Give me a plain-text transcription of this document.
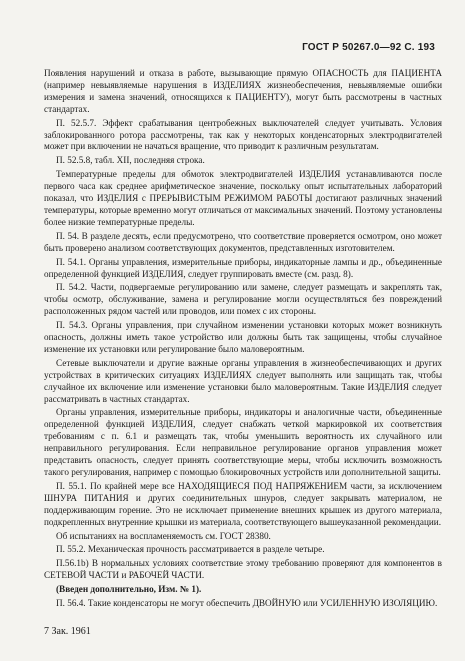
ГОСТ Р 50267.0—92 С. 193

Появления нарушений и отказа в работе, вызывающие прямую ОПАСНОСТЬ для ПАЦИЕНТА (например невыявляемые нарушения в ИЗДЕЛИЯХ жизнеобеспечения, невыявляемые ошибки измерения и замена значений, относящихся к ПАЦИЕНТУ), могут быть рассмотрены в частных стандартах.

П. 52.5.7. Эффект срабатывания центробежных выключателей следует учитывать. Условия заблокированного ротора рассмотрены, так как у некоторых конденсаторных электродвигателей может при включении не начаться вращение, что приводит к различным результатам.

П. 52.5.8, табл. XII, последняя строка.

Температурные пределы для обмоток электродвигателей ИЗДЕЛИЯ устанавливаются после первого часа как среднее арифметическое значение, поскольку опыт испытательных лабораторий показал, что ИЗДЕЛИЯ с ПРЕРЫВИСТЫМ РЕЖИМОМ РАБОТЫ достигают различных значений температуры, которые временно могут отличаться от максимальных значений. Поэтому установлены более низкие температурные пределы.

П. 54. В разделе десять, если предусмотрено, что соответствие проверяется осмотром, оно может быть проверено анализом соответствующих документов, представленных изготовителем.

П. 54.1. Органы управления, измерительные приборы, индикаторные лампы и др., объединенные определенной функцией ИЗДЕЛИЯ, следует группировать вместе (см. разд. 8).

П. 54.2. Части, подвергаемые регулированию или замене, следует размещать и закреплять так, чтобы осмотр, обслуживание, замена и регулирование могли осуществляться без повреждений расположенных рядом частей или проводов, или помех с их стороны.

П. 54.3. Органы управления, при случайном изменении установки которых может возникнуть опасность, должны иметь такое устройство или должны быть так защищены, чтобы случайное изменение их установки или регулирование было маловероятным.

Сетевые выключатели и другие важные органы управления в жизнеобеспечивающих и других устройствах в критических ситуациях ИЗДЕЛИЯХ следует выполнять или защищать так, чтобы случайное их включение или изменение установки было маловероятным. Такие ИЗДЕЛИЯ следует рассматривать в частных стандартах.

Органы управления, измерительные приборы, индикаторы и аналогичные части, объединенные определенной функцией ИЗДЕЛИЯ, следует снабжать четкой маркировкой их соответствия требованиям с п. 6.1 и размещать так, чтобы уменьшить вероятность их случайного или неправильного регулирования. Если неправильное регулирование органов управления может представить опасность, следует принять соответствующие меры, чтобы исключить возможность такого регулирования, например с помощью блокировочных устройств или дополнительной защиты.

П. 55.1. По крайней мере все НАХОДЯЩИЕСЯ ПОД НАПРЯЖЕНИЕМ части, за исключением ШНУРА ПИТАНИЯ и других соединительных шнуров, следует закрывать материалом, не поддерживающим горение. Это не исключает применение внешних крышек из другого материала, подкрепленных внутренние крышки из материала, соответствующего вышеуказанной рекомендации.

Об испытаниях на воспламеняемость см. ГОСТ 28380.

П. 55.2. Механическая прочность рассматривается в разделе четыре.

П.56.1b) В нормальных условиях соответствие этому требованию проверяют для компонентов в СЕТЕВОЙ ЧАСТИ и РАБОЧЕЙ ЧАСТИ.

(Введен дополнительно, Изм. № 1).

П. 56.4. Такие конденсаторы не могут обеспечить ДВОЙНУЮ или УСИЛЕННУЮ ИЗОЛЯЦИЮ.

7 Зак. 1961
